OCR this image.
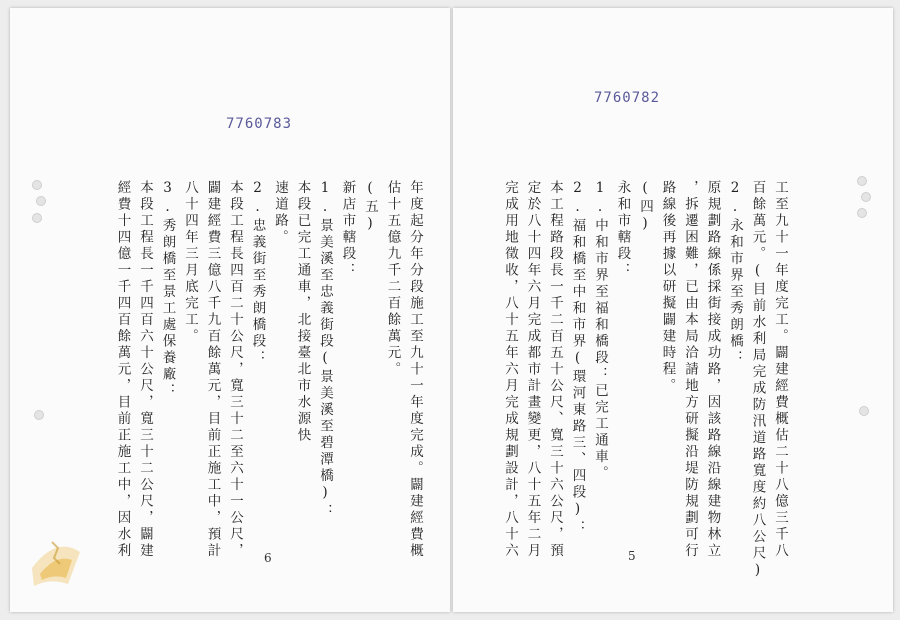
7760783
年度起分年分段施工至九十一年度完成。闢建經費概
估十五億九千二百餘萬元。
(五)
新店市轄段：
1.景美溪至忠義街段(景美溪至碧潭橋)：
本段已完工通車，北接臺北市水源快
速道路。
2.忠義街至秀朗橋段：
本段工程長四百二十公尺，寬三十二至六十一公尺，
闢建經費三億八千九百餘萬元，目前正施工中，預計
八十四年三月底完工。
3.秀朗橋至景工處保養廠：
本段工程長一千四百六十公尺，寬三十二公尺，闢建
經費十四億一千四百餘萬元，目前正施工中，因水利	6
7760782
工至九十一年度完工。闢建經費概估二十八億三千八
百餘萬元。(目前水利局完成防汛道路寬度約八公尺)
2.永和市界至秀朗橋：
原規劃路線係採街接成功路，因該路線沿線建物林立
，拆遷困難，已由本局洽請地方研擬沿堤防規劃可行
路線後再據以研擬闢建時程。
(四)
永和市轄段：
1.中和市界至福和橋段：已完工通車。
2.福和橋至中和市界(環河東路三、四段)：
本工程路段長一千二百五十公尺、寬三十六公尺，預
定於八十四年六月完成都市計畫變更，八十五年二月
完成用地徵收，八十五年六月完成規劃設計，八十六	5
